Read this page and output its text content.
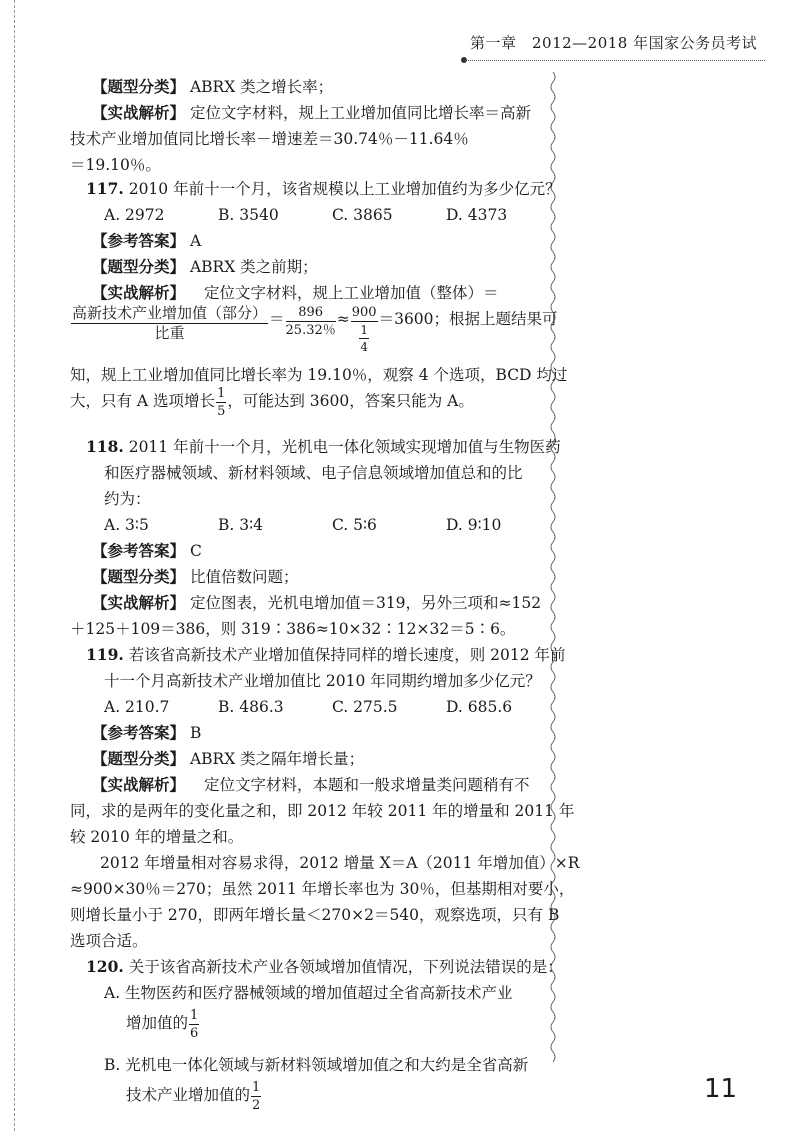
第一章　2012—2018 年国家公务员考试
【题型分类】 ABRX 类之增长率；
【实战解析】 定位文字材料，规上工业增加值同比增长率＝高新
技术产业增加值同比增长率－增速差＝30.74％－11.64％
＝19.10％。
117. 2010 年前十一个月，该省规模以上工业增加值约为多少亿元？
A. 2972	B. 3540	C. 3865	D. 4373
【参考答案】 A
【题型分类】 ABRX 类之前期；
【实战解析】 定位文字材料，规上工业增加值（整体）＝
$\frac{\text{高新技术产业增加值（部分）}}{\text{比重}} = \frac{896}{25.32\%} \approx \frac{900}{\frac{1}{4}} =3600$；根据上题结果可
知，规上工业增加值同比增长率为 19.10％，观察 4 个选项，BCD 均过
大，只有 A 选项增长 $\frac{1}{5}$ ，可能达到 3600，答案只能为 A。
118. 2011 年前十一个月，光机电一体化领域实现增加值与生物医药
和医疗器械领域、新材料领域、电子信息领域增加值总和的比
约为：
A. 3∶5	B. 3∶4	C. 5∶6	D. 9∶10
【参考答案】 C
【题型分类】 比值倍数问题；
【实战解析】 定位图表，光机电增加值＝319，另外三项和≈152
＋125＋109＝386，则 319∶386≈10×32∶12×32＝5∶6。
119. 若该省高新技术产业增加值保持同样的增长速度，则 2012 年前
十一个月高新技术产业增加值比 2010 年同期约增加多少亿元？
A. 210.7	B. 486.3	C. 275.5	D. 685.6
【参考答案】 B
【题型分类】 ABRX 类之隔年增长量；
【实战解析】 定位文字材料，本题和一般求增量类问题稍有不
同，求的是两年的变化量之和，即 2012 年较 2011 年的增量和 2011 年
较 2010 年的增量之和。
2012 年增量相对容易求得，2012 增量 X＝A（2011 年增加值）×R
≈900×30％＝270；虽然 2011 年增长率也为 30％，但基期相对要小，
则增长量小于 270，即两年增长量＜270×2＝540，观察选项，只有 B
选项合适。
120. 关于该省高新技术产业各领域增加值情况，下列说法错误的是：
A. 生物医药和医疗器械领域的增加值超过全省高新技术产业
增加值的 $\frac{1}{6}$
B. 光机电一体化领域与新材料领域增加值之和大约是全省高新
技术产业增加值的 $\frac{1}{2}$	11
